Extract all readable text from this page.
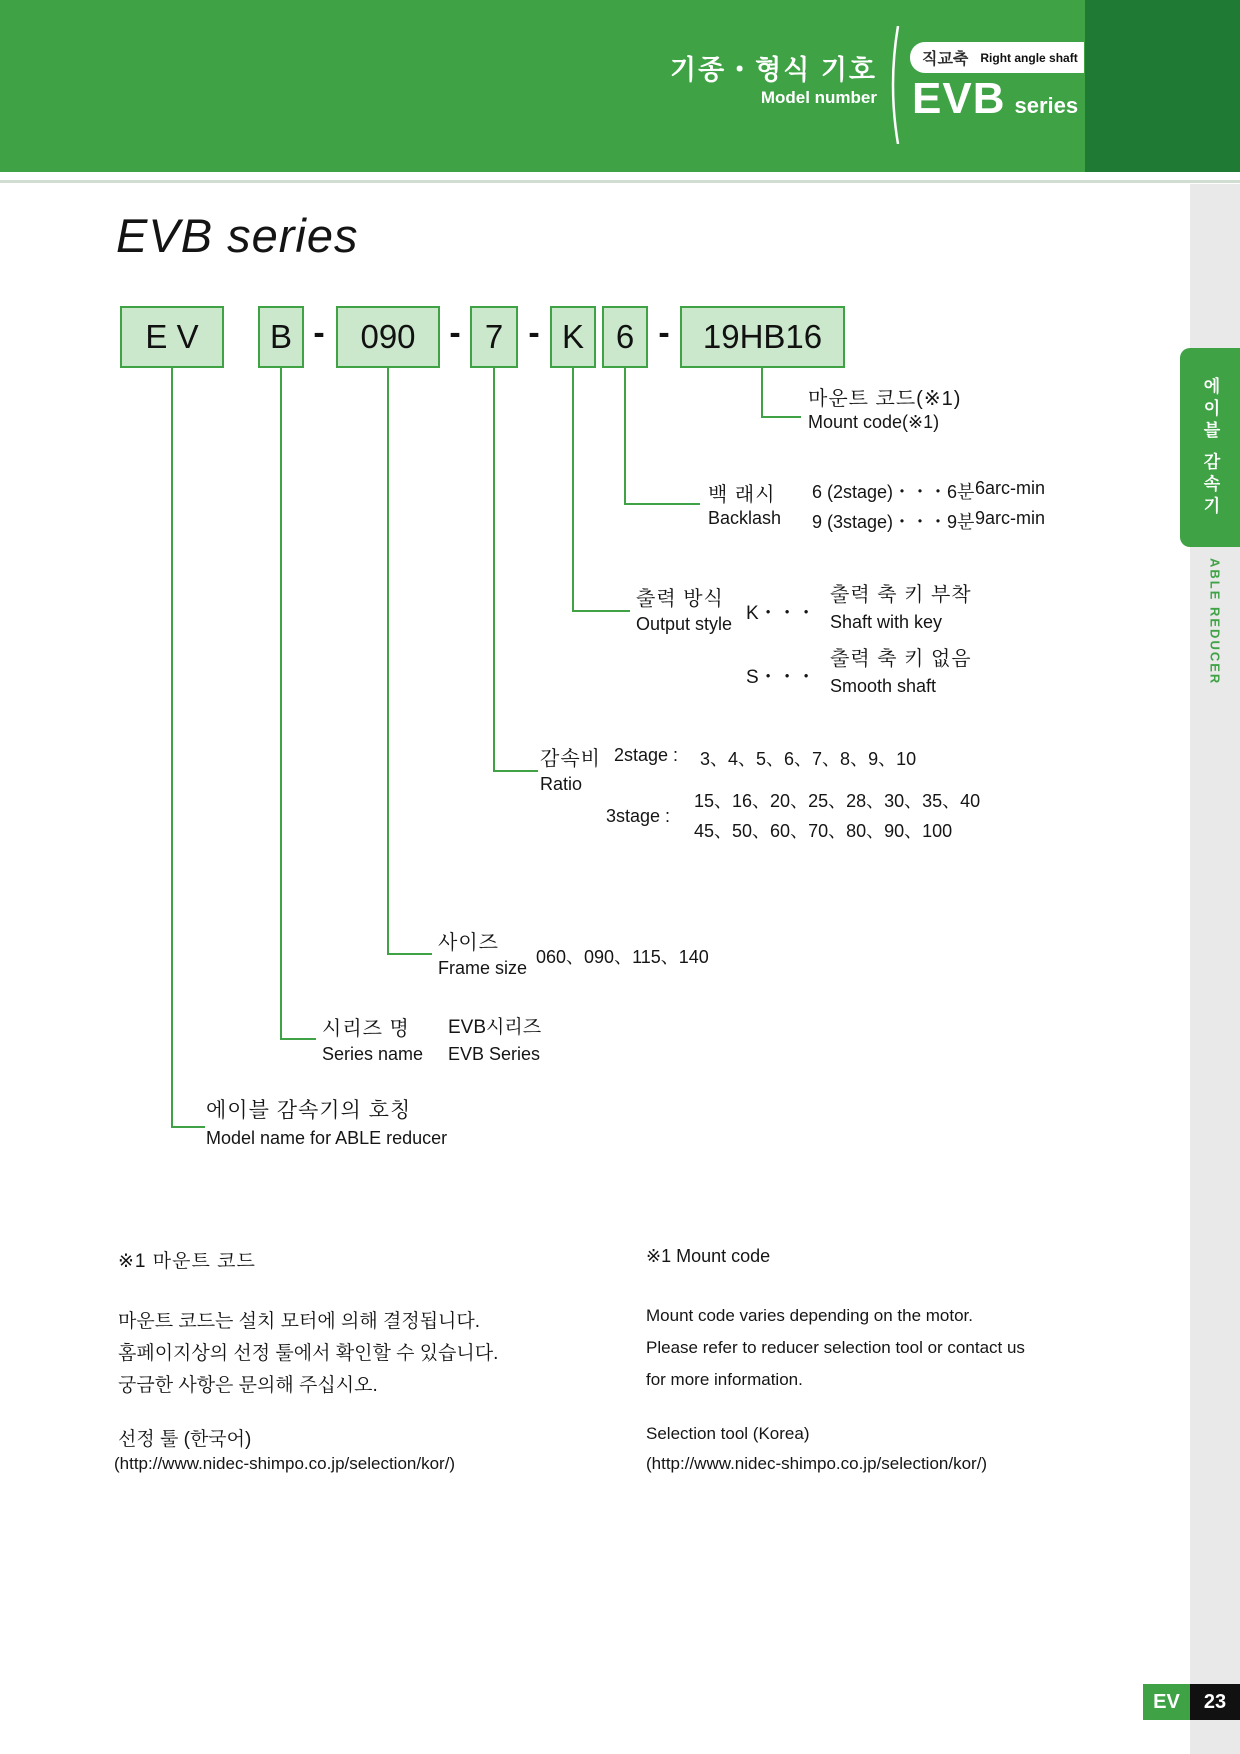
기종・형식 기호
Model number
직교축 Right angle shaft
EVB series
EVB series
E V	B -	090 - 7 - K 6 -	19HB16
마운트 코드(※1)
Mount code(※1)
백 래시
Backlash
6 (2stage)・・・6분 6arc-min
9 (3stage)・・・9분 9arc-min
출력 방식
Output style K・・・
출력 축 키 부착
Shaft with key
S・・・
출력 축 키 없음
Smooth shaft
감속비
Ratio
2stage : 3、4、5、6、7、8、9、10
3stage :
15、16、20、25、28、30、35、40
45、50、60、70、80、90、100
사이즈
Frame size
060、090、115、140
시리즈 명
Series name
EVB시리즈
EVB Series
에이블 감속기의 호칭
Model name for ABLE reducer
※1 마운트 코드
마운트 코드는 설치 모터에 의해 결정됩니다.
홈페이지상의 선정 툴에서 확인할 수 있습니다.
궁금한 사항은 문의해 주십시오.
선정 툴 (한국어)
(http://www.nidec-shimpo.co.jp/selection/kor/)
※1 Mount code
Mount code varies depending on the motor.
Please refer to reducer selection tool or contact us
for more information.
Selection tool (Korea)
(http://www.nidec-shimpo.co.jp/selection/kor/)
에이블 감속기
ABLE REDUCER
EV	23
